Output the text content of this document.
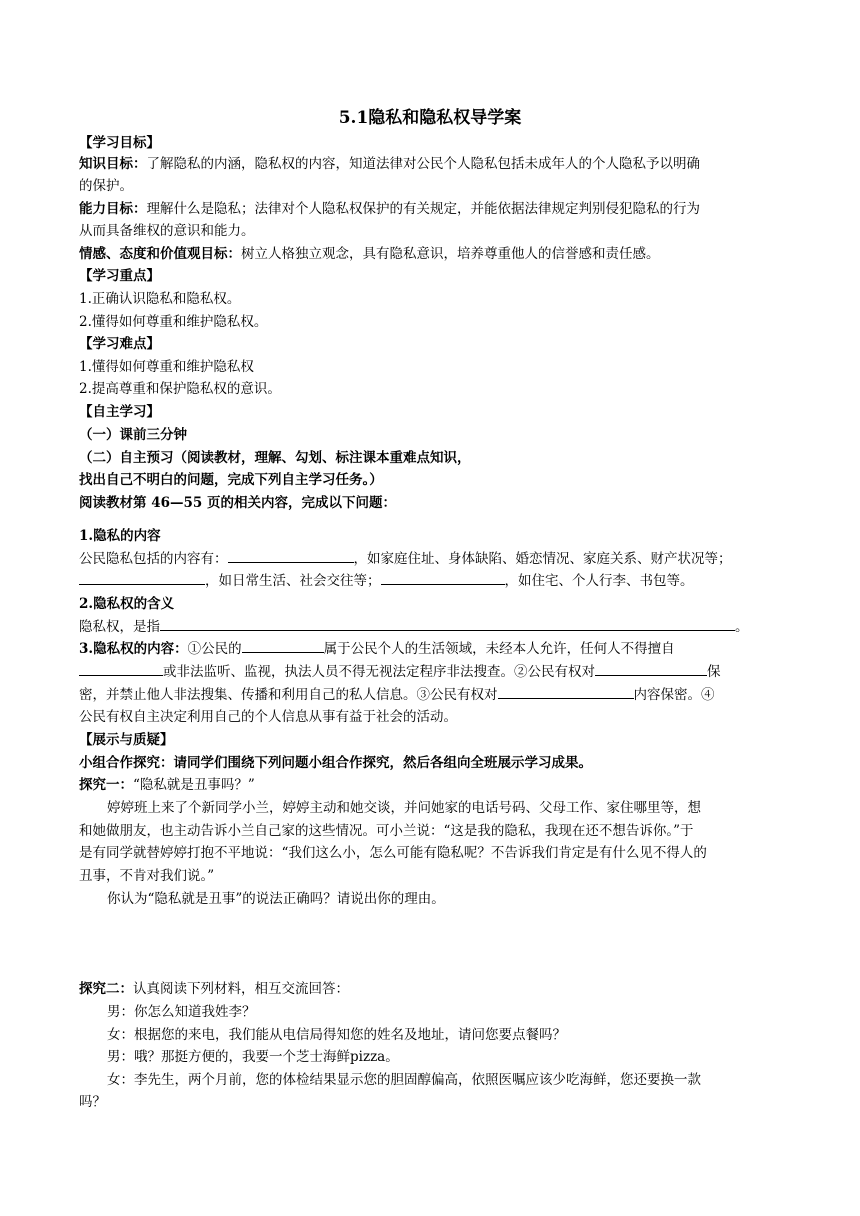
5.1隐私和隐私权导学案
【学习目标】
知识目标：了解隐私的内涵，隐私权的内容，知道法律对公民个人隐私包括未成年人的个人隐私予以明确
的保护。
能力目标：理解什么是隐私；法律对个人隐私权保护的有关规定，并能依据法律规定判别侵犯隐私的行为
从而具备维权的意识和能力。
情感、态度和价值观目标：树立人格独立观念，具有隐私意识，培养尊重他人的信誉感和责任感。
【学习重点】
1.正确认识隐私和隐私权。
2.懂得如何尊重和维护隐私权。
【学习难点】
1.懂得如何尊重和维护隐私权
2.提高尊重和保护隐私权的意识。
【自主学习】
（一）课前三分钟
（二）自主预习（阅读教材，理解、勾划、标注课本重难点知识，
找出自己不明白的问题，完成下列自主学习任务。）
阅读教材第 46—55 页的相关内容，完成以下问题：
1.隐私的内容
公民隐私包括的内容有：	，如家庭住址、身体缺陷、婚恋情况、家庭关系、财产状况等；
，如日常生活、社会交往等；	，如住宅、个人行李、书包等。
2.隐私权的含义
隐私权，是指	。
3.隐私权的内容：①公民的	属于公民个人的生活领域，未经本人允许，任何人不得擅自
或非法监听、监视，执法人员不得无视法定程序非法搜查。②公民有权对	保
密，并禁止他人非法搜集、传播和利用自己的私人信息。③公民有权对	内容保密。④
公民有权自主决定利用自己的个人信息从事有益于社会的活动。
【展示与质疑】
小组合作探究：请同学们围绕下列问题小组合作探究，然后各组向全班展示学习成果。
探究一：“隐私就是丑事吗？”
婷婷班上来了个新同学小兰，婷婷主动和她交谈，并问她家的电话号码、父母工作、家住哪里等，想
和她做朋友，也主动告诉小兰自己家的这些情况。可小兰说：“这是我的隐私，我现在还不想告诉你。”于
是有同学就替婷婷打抱不平地说：“我们这么小，怎么可能有隐私呢？不告诉我们肯定是有什么见不得人的
丑事，不肯对我们说。”
你认为“隐私就是丑事”的说法正确吗？请说出你的理由。
探究二：认真阅读下列材料，相互交流回答：
男：你怎么知道我姓李？
女：根据您的来电，我们能从电信局得知您的姓名及地址，请问您要点餐吗？
男：哦？那挺方便的，我要一个芝士海鲜pizza。
女：李先生，两个月前，您的体检结果显示您的胆固醇偏高，依照医嘱应该少吃海鲜，您还要换一款
吗？
